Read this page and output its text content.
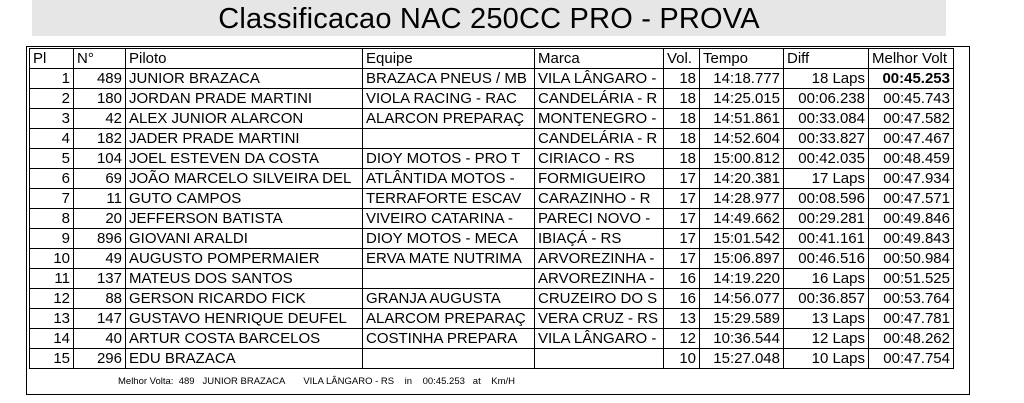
Classificacao NAC 250CC PRO - PROVA
Pl	N°	Piloto	Equipe	Marca	Vol.	Tempo	Diff	Melhor Volt
1	489	JUNIOR BRAZACA	BRAZACA PNEUS / MB	VILA LÂNGARO -	18	14:18.777	18 Laps	00:45.253
2	180	JORDAN PRADE MARTINI	VIOLA RACING - RAC	CANDELÁRIA - R	18	14:25.015	00:06.238	00:45.743
3	42	ALEX JUNIOR ALARCON	ALARCON PREPARAÇ	MONTENEGRO -	18	14:51.861	00:33.084	00:47.582
4	182	JADER PRADE MARTINI		CANDELÁRIA - R	18	14:52.604	00:33.827	00:47.467
5	104	JOEL ESTEVEN DA COSTA	DIOY MOTOS - PRO T	CIRIACO - RS	18	15:00.812	00:42.035	00:48.459
6	69	JOÃO MARCELO SILVEIRA DEL	ATLÂNTIDA MOTOS -	FORMIGUEIRO	17	14:20.381	17 Laps	00:47.934
7	11	GUTO CAMPOS	TERRAFORTE ESCAV	CARAZINHO - R	17	14:28.977	00:08.596	00:47.571
8	20	JEFFERSON BATISTA	VIVEIRO CATARINA -	PARECI NOVO -	17	14:49.662	00:29.281	00:49.846
9	896	GIOVANI ARALDI	DIOY MOTOS - MECA	IBIAÇÁ - RS	17	15:01.542	00:41.161	00:49.843
10	49	AUGUSTO POMPERMAIER	ERVA MATE NUTRIMA	ARVOREZINHA -	17	15:06.897	00:46.516	00:50.984
11	137	MATEUS DOS SANTOS		ARVOREZINHA -	16	14:19.220	16 Laps	00:51.525
12	88	GERSON RICARDO FICK	GRANJA AUGUSTA	CRUZEIRO DO S	16	14:56.077	00:36.857	00:53.764
13	147	GUSTAVO HENRIQUE DEUFEL	ALARCOM PREPARAÇ	VERA CRUZ - RS	13	15:29.589	13 Laps	00:47.781
14	40	ARTUR COSTA BARCELOS	COSTINHA PREPARA	VILA LÂNGARO -	12	10:36.544	12 Laps	00:48.262
15	296	EDU BRAZACA			10	15:27.048	10 Laps	00:47.754
Melhor Volta:  489   JUNIOR BRAZACA       VILA LÂNGARO - RS    in    00:45.253   at    Km/H
